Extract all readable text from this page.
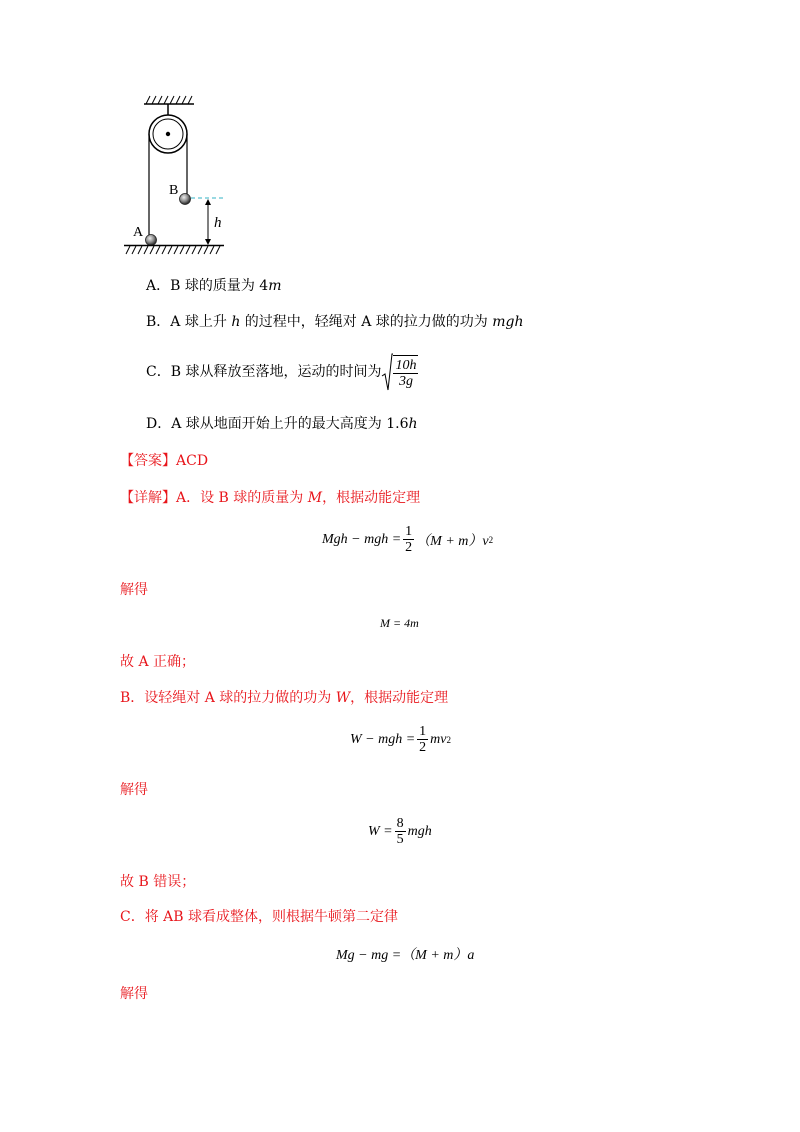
B
A
h
A．B 球的质量为 4m
B．A 球上升 h 的过程中，轻绳对 A 球的拉力做的功为 mgh
C．B 球从释放至落地，运动的时间为 $\frac{10h}{3g}$
D．A 球从地面开始上升的最大高度为 1.6h
【答案】ACD
【详解】A．设 B 球的质量为 M，根据动能定理
Mgh − mgh = $\frac{1}{2} (M + m)v$ 2
解得
M = 4m
故 A 正确；
B．设轻绳对 A 球的拉力做的功为 W，根据动能定理
W − mgh = $\frac{1}{2}$ mv 2
解得
$W = \frac{8}{5}$ mgh
故 B 错误；
C．将 AB 球看成整体，则根据牛顿第二定律
Mg − mg =（M + m）a
解得
